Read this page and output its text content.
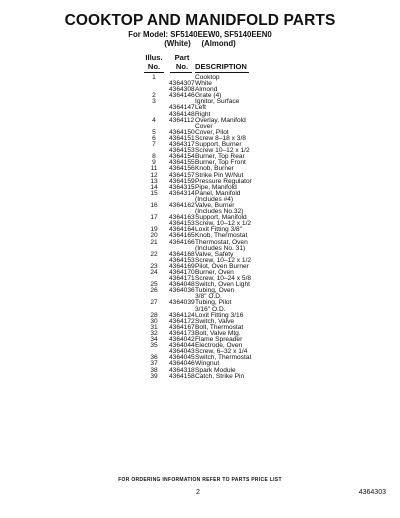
COOKTOP AND MANIDFOLD PARTS
For Model: SF5140EEW0, SF5140EEN0
(White)     (Almond)
Illus.
No.
Part
No. DESCRIPTION
1	Cooktop
4364307 White
4364308 Almond
2	4364146 Grate (4)
3	Ignitor, Surface
4364147 Left
4364148 Right
4	4364112 Overlay, Manifold
Cover
5	4364150 Cover, Pilot
6	4364151 Screw 8–18 x 3/8
7	4364317 Support, Burner
4364153 Screw 10–12 x 1/2
8	4364154 Burner, Top Rear
9	4364155 Burner, Top Front
11	4364156 Knob, Burner
12	4364157 Strike Pin W/Nut
13	4364159 Pressure Regulator
14	4364315 Pipe, Manifold
15	4364314 Panel, Manifold
(Includes #4)
16	4364162 Valve, Burner
(Includes No.32)
17	4364163 Support, Manifold
4364153 Screw, 10–12 x 1/2
19	4364164 Loxit Fitting 3/8"
20	4364165 Knob, Thermostat
21	4364166 Thermostat, Oven
(Includes No. 31)
22	4364168 Valve, Safety
4364153 Screw, 10–12 x 1/2
23	4364169 Pilot, Oven Burner
24	4364170 Burner, Oven
4364171 Screw, 10–24 x 5/8
25	4364048 Switch, Oven Light
26	4364036 Tubing, Oven
3/8" O.D.
27	4364039 Tubing, Pilot
3/16" O.D.
28	4364124 Loxit Fitting 3/16
30	4364172 Switch, Valve
31	4364167 Bolt, Thermostat
32	4364173 Bolt, Valve Mtg.
34	4364042 Flame Spreader
35	4364044 Electrode, Oven
4364043 Screw, 6–32 x 1/4
36	4364045 Switch, Thermostat
37	4364046 Wingnut
38	4364318 Spark Module
39	4364158 Catch, Strike Pin
FOR ORDERING INFORMATION REFER TO PARTS PRICE LIST
2	4364303
